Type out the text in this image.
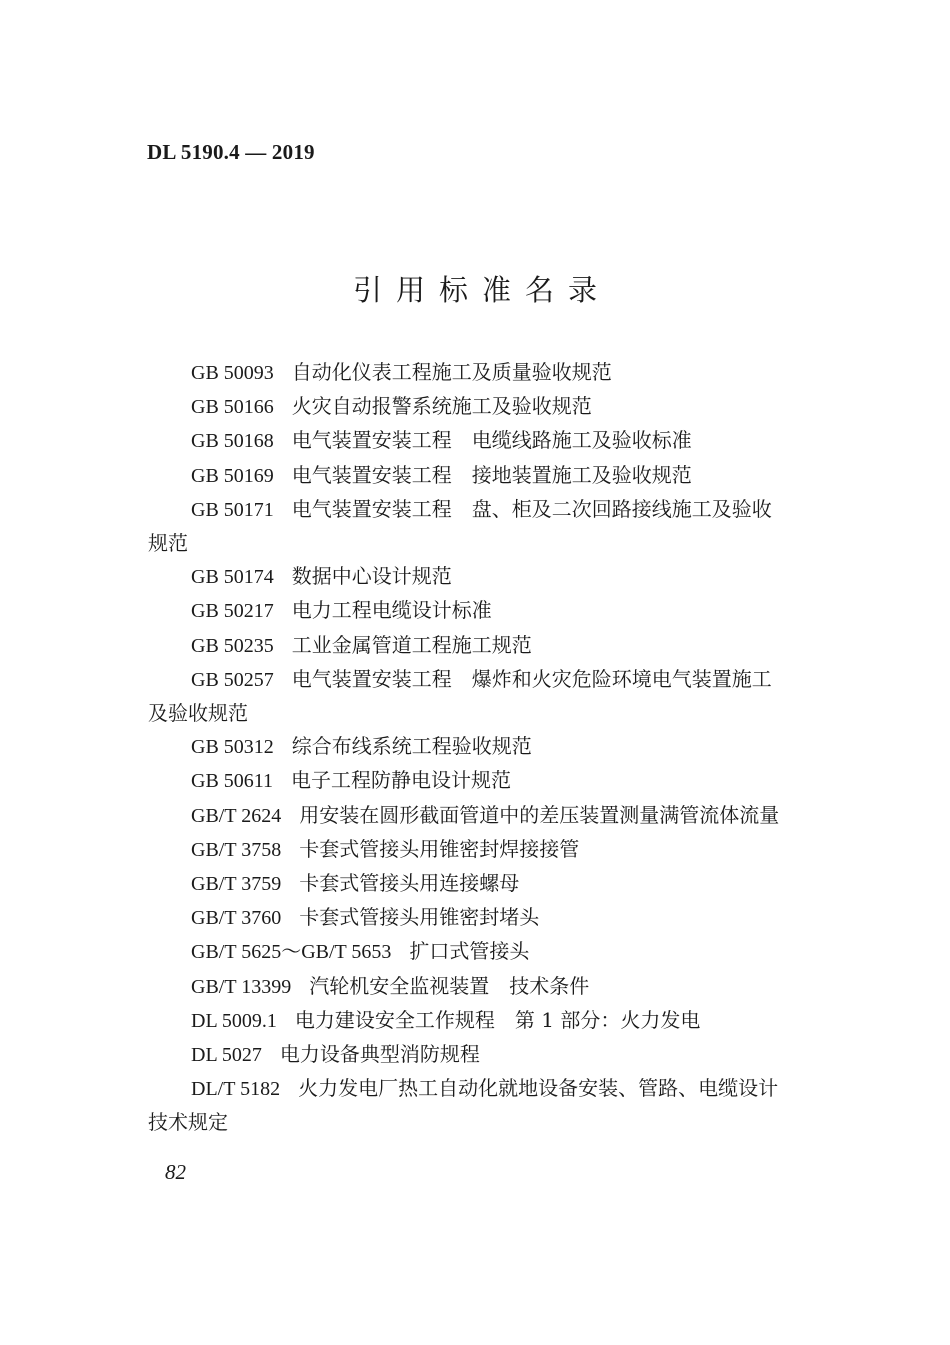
DL 5190.4 — 2019
引用标准名录
GB 50093 自动化仪表工程施工及质量验收规范
GB 50166 火灾自动报警系统施工及验收规范
GB 50168 电气装置安装工程　电缆线路施工及验收标准
GB 50169 电气装置安装工程　接地装置施工及验收规范
GB 50171 电气装置安装工程　盘、柜及二次回路接线施工及验收规范
GB 50174 数据中心设计规范
GB 50217 电力工程电缆设计标准
GB 50235 工业金属管道工程施工规范
GB 50257 电气装置安装工程　爆炸和火灾危险环境电气装置施工及验收规范
GB 50312 综合布线系统工程验收规范
GB 50611 电子工程防静电设计规范
GB/T 2624 用安装在圆形截面管道中的差压装置测量满管流体流量
GB/T 3758 卡套式管接头用锥密封焊接接管
GB/T 3759 卡套式管接头用连接螺母
GB/T 3760 卡套式管接头用锥密封堵头
GB/T 5625～GB/T 5653 扩口式管接头
GB/T 13399 汽轮机安全监视装置　技术条件
DL 5009.1 电力建设安全工作规程　第 1 部分：火力发电
DL 5027 电力设备典型消防规程
DL/T 5182 火力发电厂热工自动化就地设备安装、管路、电缆设计技术规定
82
